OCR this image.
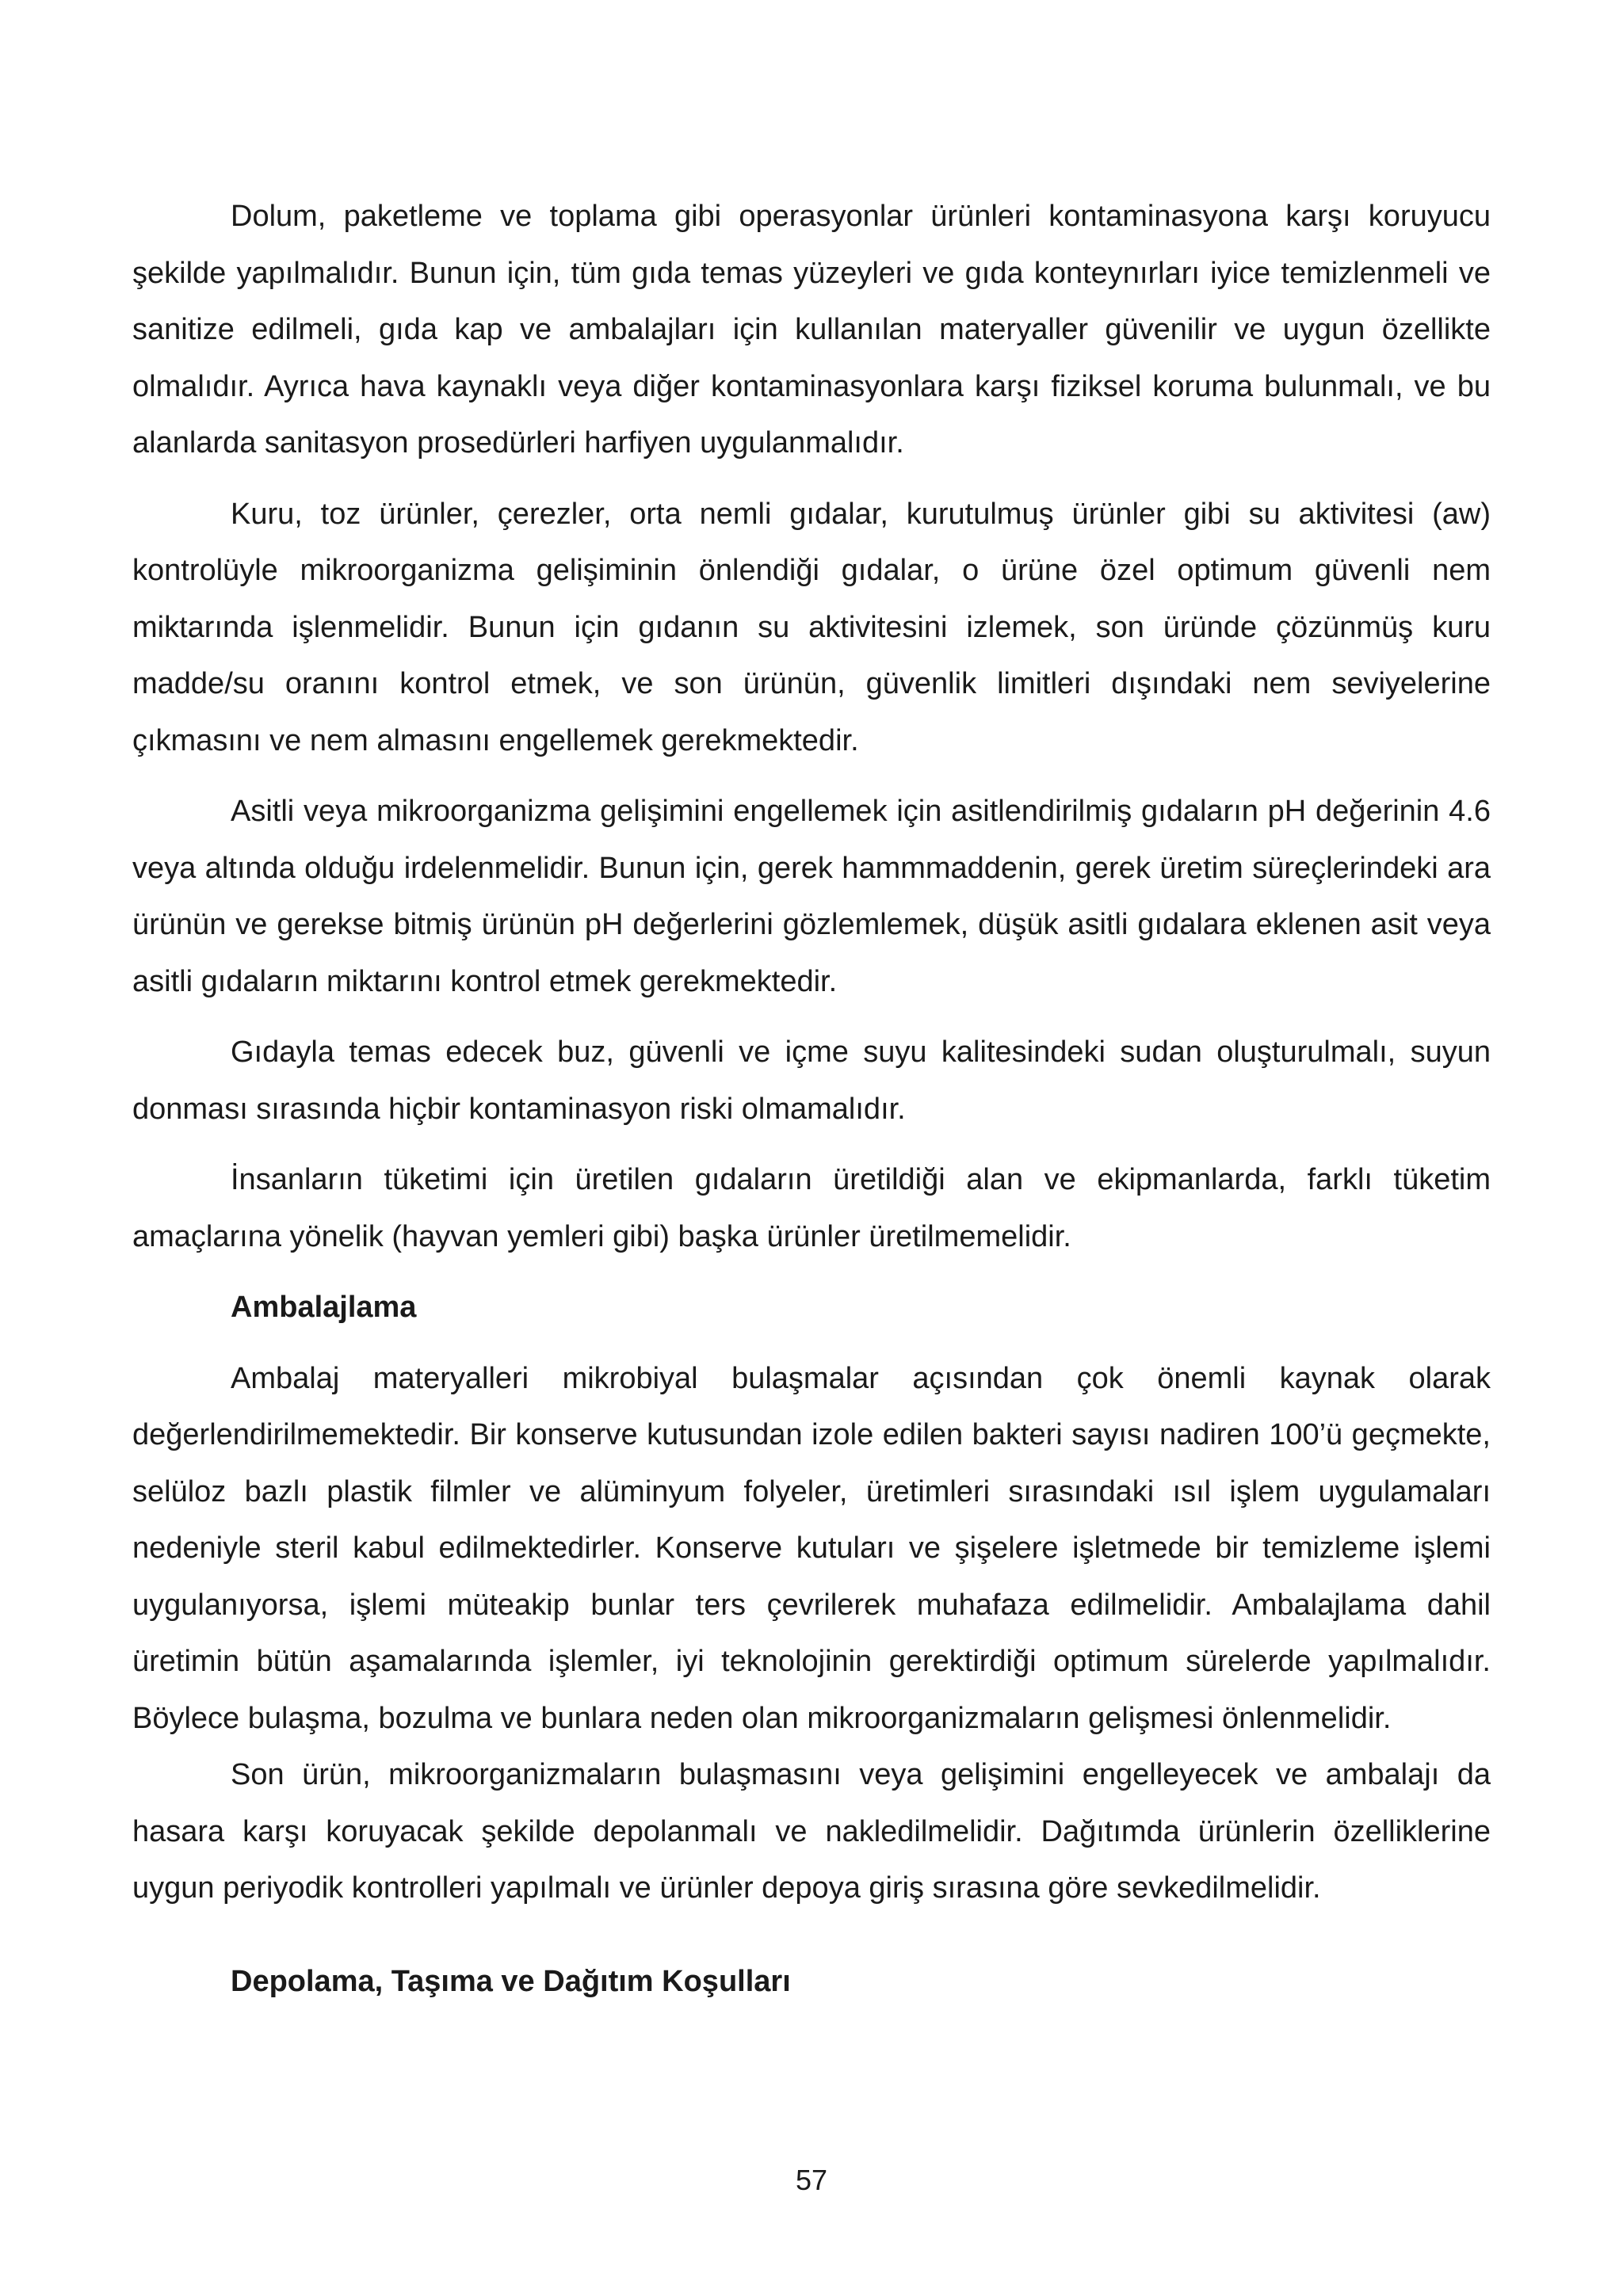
Dolum, paketleme ve toplama gibi operasyonlar ürünleri kontaminasyona karşı koruyucu şekilde yapılmalıdır. Bunun için, tüm gıda temas yüzeyleri ve gıda konteynırları iyice temizlenmeli ve sanitize edilmeli, gıda kap ve ambalajları için kullanılan materyaller güvenilir ve uygun özellikte olmalıdır. Ayrıca hava kaynaklı veya diğer kontaminasyonlara karşı fiziksel koruma bulunmalı, ve bu alanlarda sanitasyon prosedürleri harfiyen uygulanmalıdır.

Kuru, toz ürünler, çerezler, orta nemli gıdalar, kurutulmuş ürünler gibi su aktivitesi (aw) kontrolüyle mikroorganizma gelişiminin önlendiği gıdalar, o ürüne özel optimum güvenli nem miktarında işlenmelidir. Bunun için gıdanın su aktivitesini izlemek, son üründe çözünmüş kuru madde/su oranını kontrol etmek, ve son ürünün, güvenlik limitleri dışındaki nem seviyelerine çıkmasını ve nem almasını engellemek gerekmektedir.

Asitli veya mikroorganizma gelişimini engellemek için asitlendirilmiş gıdaların pH değerinin 4.6 veya altında olduğu irdelenmelidir. Bunun için, gerek hammmaddenin, gerek üretim süreçlerindeki ara ürünün ve gerekse bitmiş ürünün pH değerlerini gözlemlemek, düşük asitli gıdalara eklenen asit veya asitli gıdaların miktarını kontrol etmek gerekmektedir.

Gıdayla temas edecek buz, güvenli ve içme suyu kalitesindeki sudan oluşturulmalı, suyun donması sırasında hiçbir kontaminasyon riski olmamalıdır.

İnsanların tüketimi için üretilen gıdaların üretildiği alan ve ekipmanlarda, farklı tüketim amaçlarına yönelik (hayvan yemleri gibi) başka ürünler üretilmemelidir.

Ambalajlama

Ambalaj materyalleri mikrobiyal bulaşmalar açısından çok önemli kaynak olarak değerlendirilmemektedir. Bir konserve kutusundan izole edilen bakteri sayısı nadiren 100’ü geçmekte, selüloz bazlı plastik filmler ve alüminyum folyeler, üretimleri sırasındaki ısıl işlem uygulamaları nedeniyle steril kabul edilmektedirler. Konserve kutuları ve şişelere işletmede bir temizleme işlemi uygulanıyorsa, işlemi müteakip bunlar ters çevrilerek muhafaza edilmelidir. Ambalajlama dahil üretimin bütün aşamalarında işlemler, iyi teknolojinin gerektirdiği optimum sürelerde yapılmalıdır. Böylece bulaşma, bozulma ve bunlara neden olan mikroorganizmaların gelişmesi önlenmelidir.

Son ürün, mikroorganizmaların bulaşmasını veya gelişimini engelleyecek ve ambalajı da hasara karşı koruyacak şekilde depolanmalı ve nakledilmelidir. Dağıtımda ürünlerin özelliklerine uygun periyodik kontrolleri yapılmalı ve ürünler depoya giriş sırasına göre sevkedilmelidir.

Depolama, Taşıma ve Dağıtım Koşulları
57
